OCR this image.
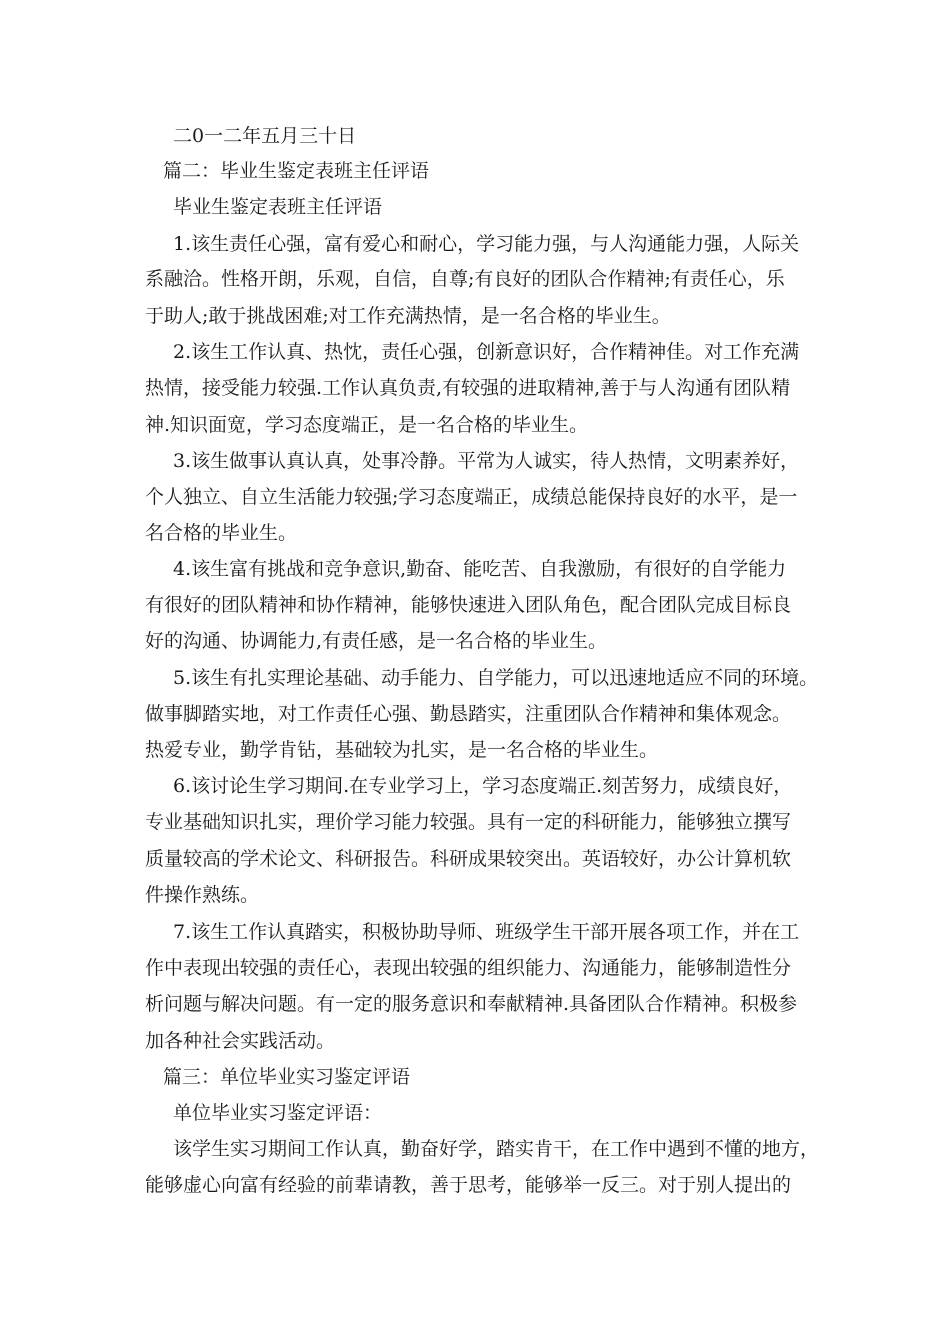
二0一二年五月三十日
篇二：毕业生鉴定表班主任评语
毕业生鉴定表班主任评语
1.该生责任心强，富有爱心和耐心，学习能力强，与人沟通能力强，人际关
系融洽。性格开朗，乐观，自信，自尊;有良好的团队合作精神;有责任心，乐
于助人;敢于挑战困难;对工作充满热情，是一名合格的毕业生。
2.该生工作认真、热忱，责任心强，创新意识好，合作精神佳。对工作充满
热情，接受能力较强.工作认真负责,有较强的进取精神,善于与人沟通有团队精
神.知识面宽，学习态度端正，是一名合格的毕业生。
3.该生做事认真认真，处事冷静。平常为人诚实，待人热情，文明素养好，
个人独立、自立生活能力较强;学习态度端正，成绩总能保持良好的水平，是一
名合格的毕业生。
4.该生富有挑战和竞争意识,勤奋、能吃苦、自我激励，有很好的自学能力
有很好的团队精神和协作精神，能够快速进入团队角色，配合团队完成目标良
好的沟通、协调能力,有责任感，是一名合格的毕业生。
5.该生有扎实理论基础、动手能力、自学能力，可以迅速地适应不同的环境。
做事脚踏实地，对工作责任心强、勤恳踏实，注重团队合作精神和集体观念。
热爱专业，勤学肯钻，基础较为扎实，是一名合格的毕业生。
6.该讨论生学习期间.在专业学习上，学习态度端正.刻苦努力，成绩良好，
专业基础知识扎实，理价学习能力较强。具有一定的科研能力，能够独立撰写
质量较高的学术论文、科研报告。科研成果较突出。英语较好，办公计算机软
件操作熟练。
7.该生工作认真踏实，积极协助导师、班级学生干部开展各项工作，并在工
作中表现出较强的责任心，表现出较强的组织能力、沟通能力，能够制造性分
析问题与解决问题。有一定的服务意识和奉献精神.具备团队合作精神。积极参
加各种社会实践活动。
篇三：单位毕业实习鉴定评语
单位毕业实习鉴定评语：
该学生实习期间工作认真，勤奋好学，踏实肯干，在工作中遇到不懂的地方，
能够虚心向富有经验的前辈请教，善于思考，能够举一反三。对于别人提出的
